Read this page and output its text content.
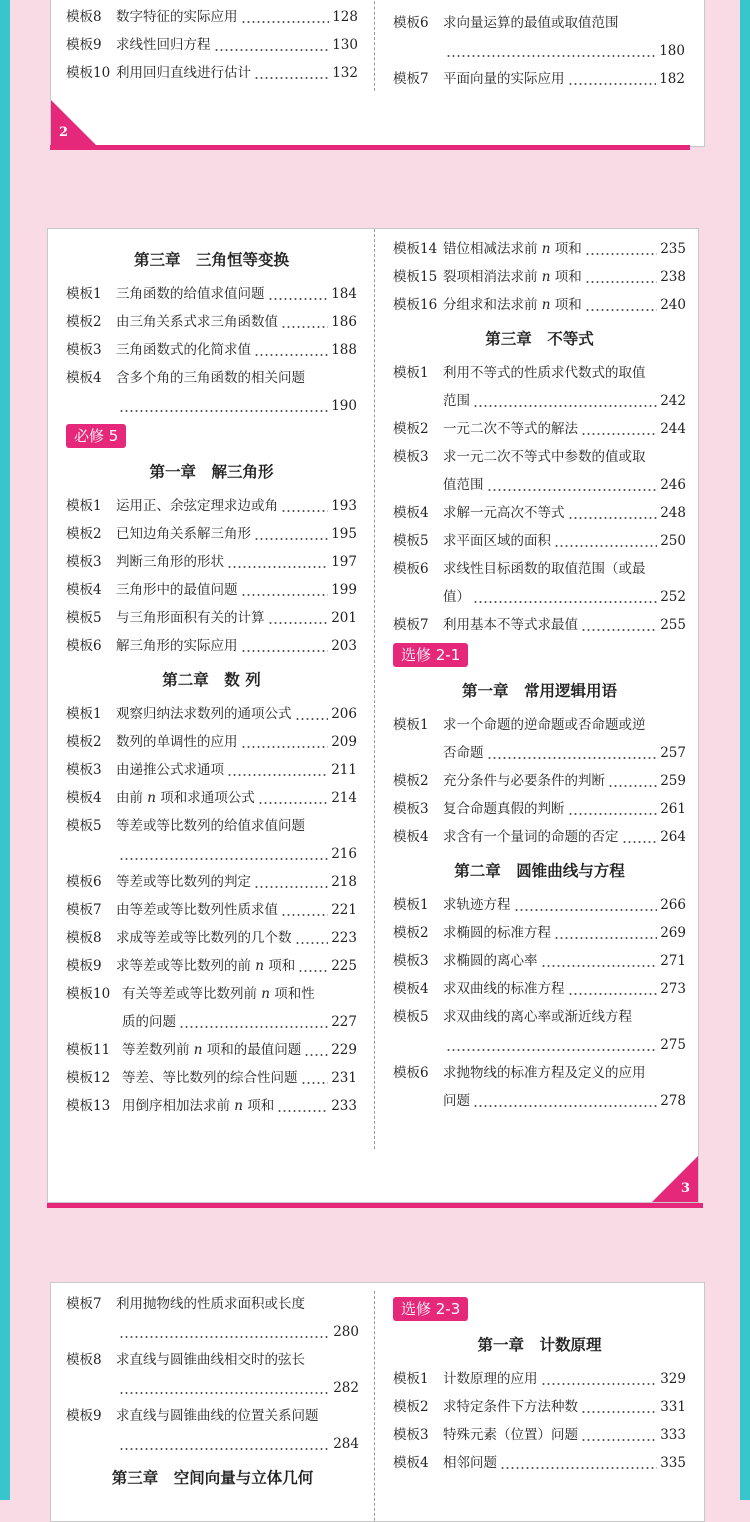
模板8	数字特征的实际应用	128
模板9	求线性回归方程	130
模板10 利用回归直线进行估计	132
模板6	求向量运算的最值或取值范围
180
模板7	平面向量的实际应用	182
2
第三章　三角恒等变换
模板1	三角函数的给值求值问题	184
模板2	由三角关系式求三角函数值	186
模板3	三角函数式的化简求值	188
模板4	含多个角的三角函数的相关问题
190
必修 5
第一章　解三角形
模板1	运用正、余弦定理求边或角	193
模板2	已知边角关系解三角形	195
模板3	判断三角形的形状	197
模板4	三角形中的最值问题	199
模板5	与三角形面积有关的计算	201
模板6	解三角形的实际应用	203
第二章　数 列
模板1	观察归纳法求数列的通项公式	206
模板2	数列的单调性的应用	209
模板3	由递推公式求通项	211
模板4	由前 n 项和求通项公式	214
模板5	等差或等比数列的给值求值问题
216
模板6	等差或等比数列的判定	218
模板7	由等差或等比数列性质求值	221
模板8	求成等差或等比数列的几个数	223
模板9	求等差或等比数列的前 n 项和	225
模板10 有关等差或等比数列前 n 项和性
质的问题	227
模板11 等差数列前 n 项和的最值问题 229
模板12 等差、等比数列的综合性问题 231
模板13 用倒序相加法求前 n 项和	233
模板14 错位相减法求前 n 项和	235
模板15 裂项相消法求前 n 项和	238
模板16 分组求和法求前 n 项和	240
第三章　不等式
模板1	利用不等式的性质求代数式的取值
范围	242
模板2	一元二次不等式的解法	244
模板3	求一元二次不等式中参数的值或取
值范围	246
模板4	求解一元高次不等式	248
模板5	求平面区域的面积	250
模板6	求线性目标函数的取值范围（或最
值）	252
模板7	利用基本不等式求最值	255
选修 2-1
第一章　常用逻辑用语
模板1	求一个命题的逆命题或否命题或逆
否命题	257
模板2	充分条件与必要条件的判断	259
模板3	复合命题真假的判断	261
模板4	求含有一个量词的命题的否定	264
第二章　圆锥曲线与方程
模板1	求轨迹方程	266
模板2	求椭圆的标准方程	269
模板3	求椭圆的离心率	271
模板4	求双曲线的标准方程	273
模板5	求双曲线的离心率或渐近线方程
275
模板6	求抛物线的标准方程及定义的应用
问题	278
3
模板7	利用抛物线的性质求面积或长度
280
模板8	求直线与圆锥曲线相交时的弦长
282
模板9	求直线与圆锥曲线的位置关系问题
284
第三章　空间向量与立体几何
选修 2-3
第一章　计数原理
模板1	计数原理的应用	329
模板2	求特定条件下方法种数	331
模板3	特殊元素（位置）问题	333
模板4	相邻问题	335
